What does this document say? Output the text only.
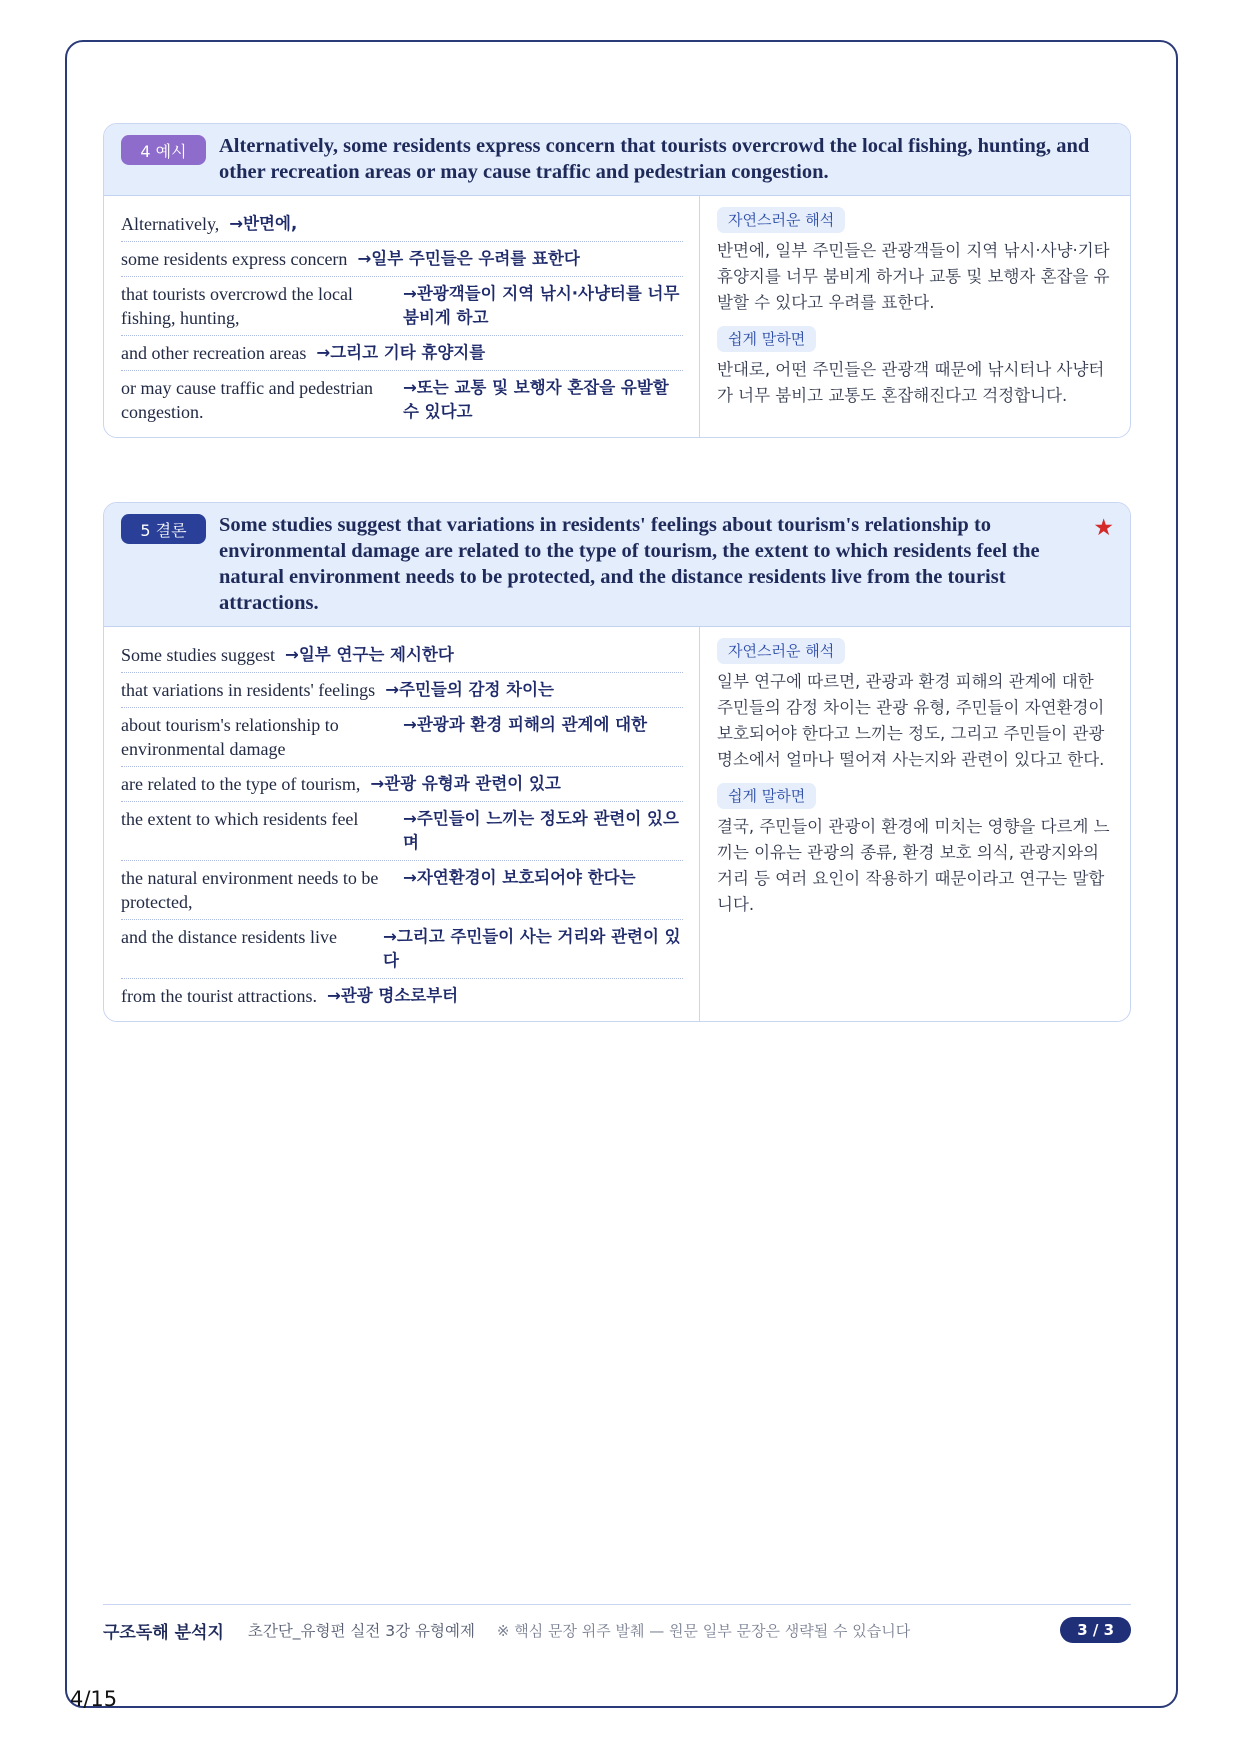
4 예시	Alternatively, some residents express concern that tourists overcrowd the local fishing, hunting, and other recreation areas or may cause traffic and pedestrian congestion.
Alternatively, →반면에,
some residents express concern →일부 주민들은 우려를 표한다
that tourists overcrowd the local fishing, hunting,
→관광객들이 지역 낚시·사냥터를 너무 붐비게 하고
and other recreation areas →그리고 기타 휴양지를
or may cause traffic and pedestrian congestion.
→또는 교통 및 보행자 혼잡을 유발할 수 있다고
자연스러운 해석
반면에, 일부 주민들은 관광객들이 지역 낚시·사냥·기타 휴양지를 너무 붐비게 하거나 교통 및 보행자 혼잡을 유발할 수 있다고 우려를 표한다.
쉽게 말하면
반대로, 어떤 주민들은 관광객 때문에 낚시터나 사냥터가 너무 붐비고 교통도 혼잡해진다고 걱정합니다.
5 결론	Some studies suggest that variations in residents' feelings about tourism's relationship to environmental damage are related to the type of tourism, the extent to which residents feel the natural environment needs to be protected, and the distance residents live from the tourist attractions.
★
Some studies suggest →일부 연구는 제시한다
that variations in residents' feelings →주민들의 감정 차이는
about tourism's relationship to environmental damage
→관광과 환경 피해의 관계에 대한
are related to the type of tourism, →관광 유형과 관련이 있고
the extent to which residents feel	→주민들이 느끼는 정도와 관련이 있으며
the natural environment needs to be protected,
→자연환경이 보호되어야 한다는
and the distance residents live	→그리고 주민들이 사는 거리와 관련이 있다
from the tourist attractions. →관광 명소로부터
자연스러운 해석
일부 연구에 따르면, 관광과 환경 피해의 관계에 대한 주민들의 감정 차이는 관광 유형, 주민들이 자연환경이 보호되어야 한다고 느끼는 정도, 그리고 주민들이 관광 명소에서 얼마나 떨어져 사는지와 관련이 있다고 한다.
쉽게 말하면
결국, 주민들이 관광이 환경에 미치는 영향을 다르게 느끼는 이유는 관광의 종류, 환경 보호 의식, 관광지와의 거리 등 여러 요인이 작용하기 때문이라고 연구는 말합니다.
구조독해 분석지 초간단_유형편 실전 3강 유형예제 ※ 핵심 문장 위주 발췌 — 원문 일부 문장은 생략될 수 있습니다	3 / 3
4/15
